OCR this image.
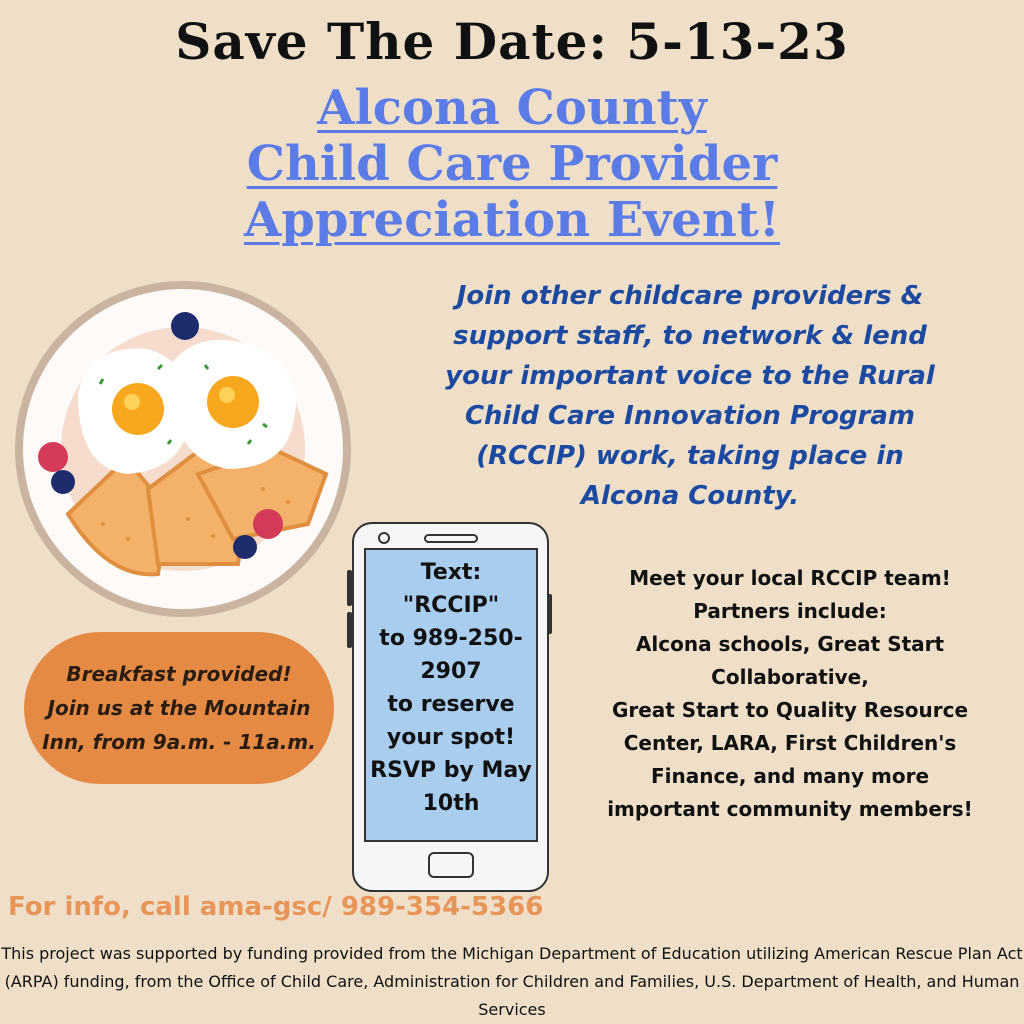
Save The Date: 5-13-23
Alcona County
Child Care Provider
Appreciation Event!
Join other childcare providers & support staff, to network & lend your important voice to the Rural Child Care Innovation Program (RCCIP) work, taking place in Alcona County.
Breakfast provided!
Join us at the Mountain
Inn, from 9a.m. - 11a.m.
Text:
"RCCIP"
to 989-250-
2907
to reserve
your spot!
RSVP by May
10th
Meet your local RCCIP team!
Partners include:
Alcona schools, Great Start
Collaborative,
Great Start to Quality Resource
Center, LARA, First Children's
Finance, and many more
important community members!
For info, call ama-gsc/ 989-354-5366
This project was supported by funding provided from the Michigan Department of Education utilizing American Rescue Plan Act (ARPA) funding, from the Office of Child Care, Administration for Children and Families, U.S. Department of Health, and Human Services
